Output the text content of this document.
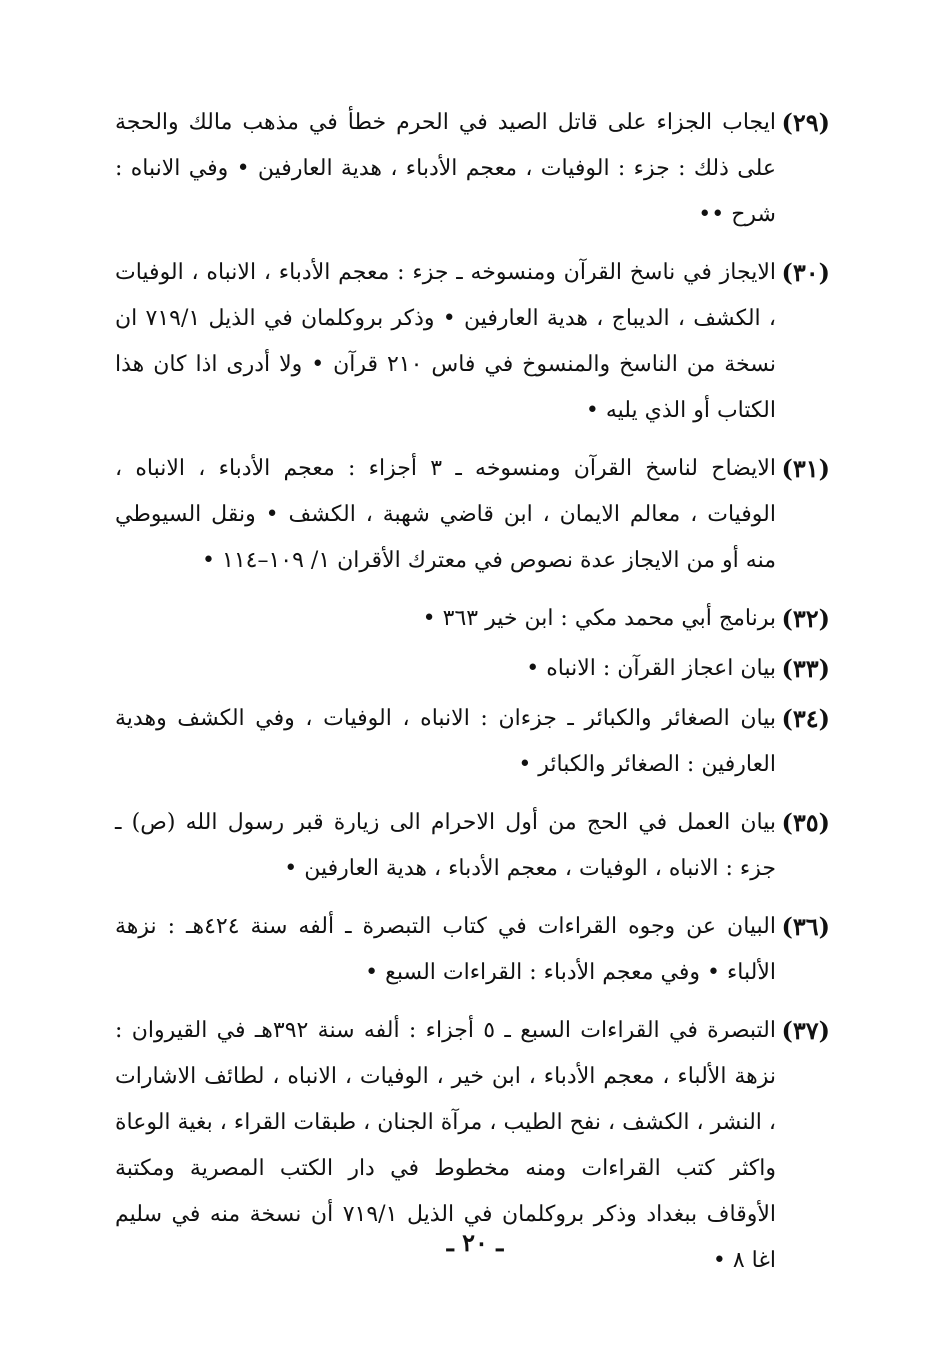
(٢٩)
ايجاب الجزاء على قاتل الصيد في الحرم خطأ في مذهب مالك والحجة على ذلك : جزء : الوفيات ، معجم الأدباء ، هدية العارفين • وفي الانباه : شرح ••
(٣٠)
الايجاز في ناسخ القرآن ومنسوخه ـ جزء : معجم الأدباء ، الانباه ، الوفيات ، الكشف ، الديباج ، هدية العارفين • وذكر بروكلمان في الذيل ٧١٩/١ ان نسخة من الناسخ والمنسوخ في فاس ٢١٠ قرآن • ولا أدرى اذا كان هذا الكتاب أو الذي يليه •
(٣١)
الايضاح لناسخ القرآن ومنسوخه ـ ٣ أجزاء : معجم الأدباء ، الانباه ، الوفيات ، معالم الايمان ، ابن قاضي شهبة ، الكشف • ونقل السيوطي منه أو من الايجاز عدة نصوص في معترك الأقران ١/ ١٠٩–١١٤ •
(٣٢)
برنامج أبي محمد مكي : ابن خير ٣٦٣ •
(٣٣)
بيان اعجاز القرآن : الانباه •
(٣٤)
بيان الصغائر والكبائر ـ جزءان : الانباه ، الوفيات ، وفي الكشف وهدية العارفين : الصغائر والكبائر •
(٣٥)
بيان العمل في الحج من أول الاحرام الى زيارة قبر رسول الله (ص) ـ جزء : الانباه ، الوفيات ، معجم الأدباء ، هدية العارفين •
(٣٦)
البيان عن وجوه القراءات في كتاب التبصرة ـ ألفه سنة ٤٢٤هـ : نزهة الألباء • وفي معجم الأدباء : القراءات السبع •
(٣٧)
التبصرة في القراءات السبع ـ ٥ أجزاء : ألفه سنة ٣٩٢هـ في القيروان : نزهة الألباء ، معجم الأدباء ، ابن خير ، الوفيات ، الانباه ، لطائف الاشارات ، النشر ، الكشف ، نفح الطيب ، مرآة الجنان ، طبقات القراء ، بغية الوعاة واكثر كتب القراءات ومنه مخطوط في دار الكتب المصرية ومكتبة الأوقاف ببغداد وذكر بروكلمان في الذيل ٧١٩/١ أن نسخة منه في سليم اغا ٨ •
ـ ٢٠ ـ
